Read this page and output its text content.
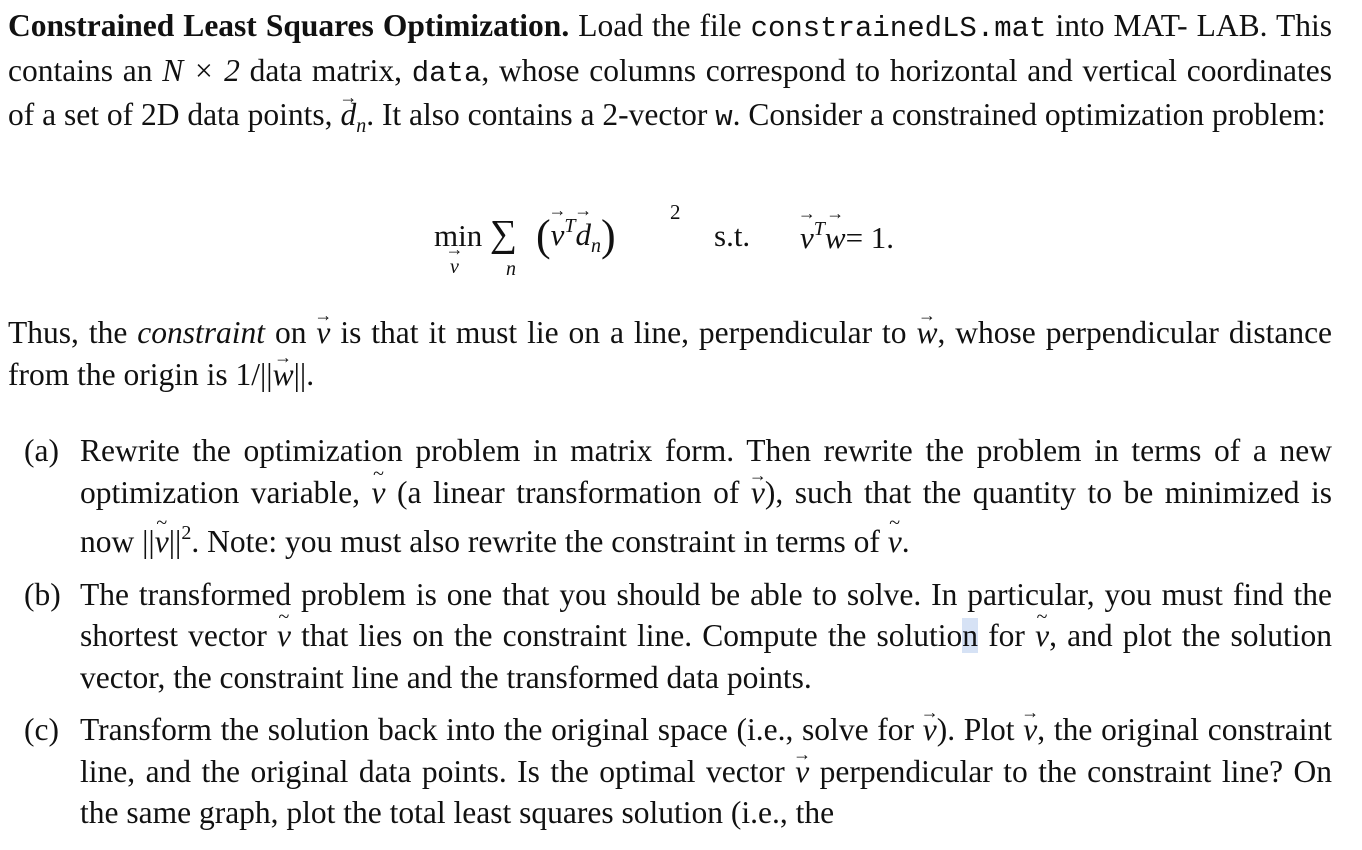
Constrained Least Squares Optimization. Load the file constrainedLS.mat into MAT- LAB. This contains an N × 2 data matrix, data, whose columns correspond to horizontal and vertical coordinates of a set of 2D data points, $d \to_n$. It also contains a 2-vector w. Consider a constrained optimization problem:

min
v →
∑
n
$(v \to^Td \to_n)$	2
s.t. v →$^T$w →= 1.

Thus, the constraint on v → is that it must lie on a line, perpendicular to w →, whose perpendicular distance from the origin is 1/||w →||.

(a) Rewrite the optimization problem in matrix form. Then rewrite the problem in terms of a new optimization variable, v ~ (a linear transformation of v →), such that the quantity to be minimized is now ||v $\sim||^2$. Note: you must also rewrite the constraint in terms of v ~.

(b) The transformed problem is one that you should be able to solve. In particular, you must find the shortest vector v ~ that lies on the constraint line. Compute the solution for v ~, and plot the solution vector, the constraint line and the transformed data points.

(c) Transform the solution back into the original space (i.e., solve for v →). Plot v →, the original constraint line, and the original data points. Is the optimal vector v → perpendicular to the constraint line? On the same graph, plot the total least squares solution (i.e., the
